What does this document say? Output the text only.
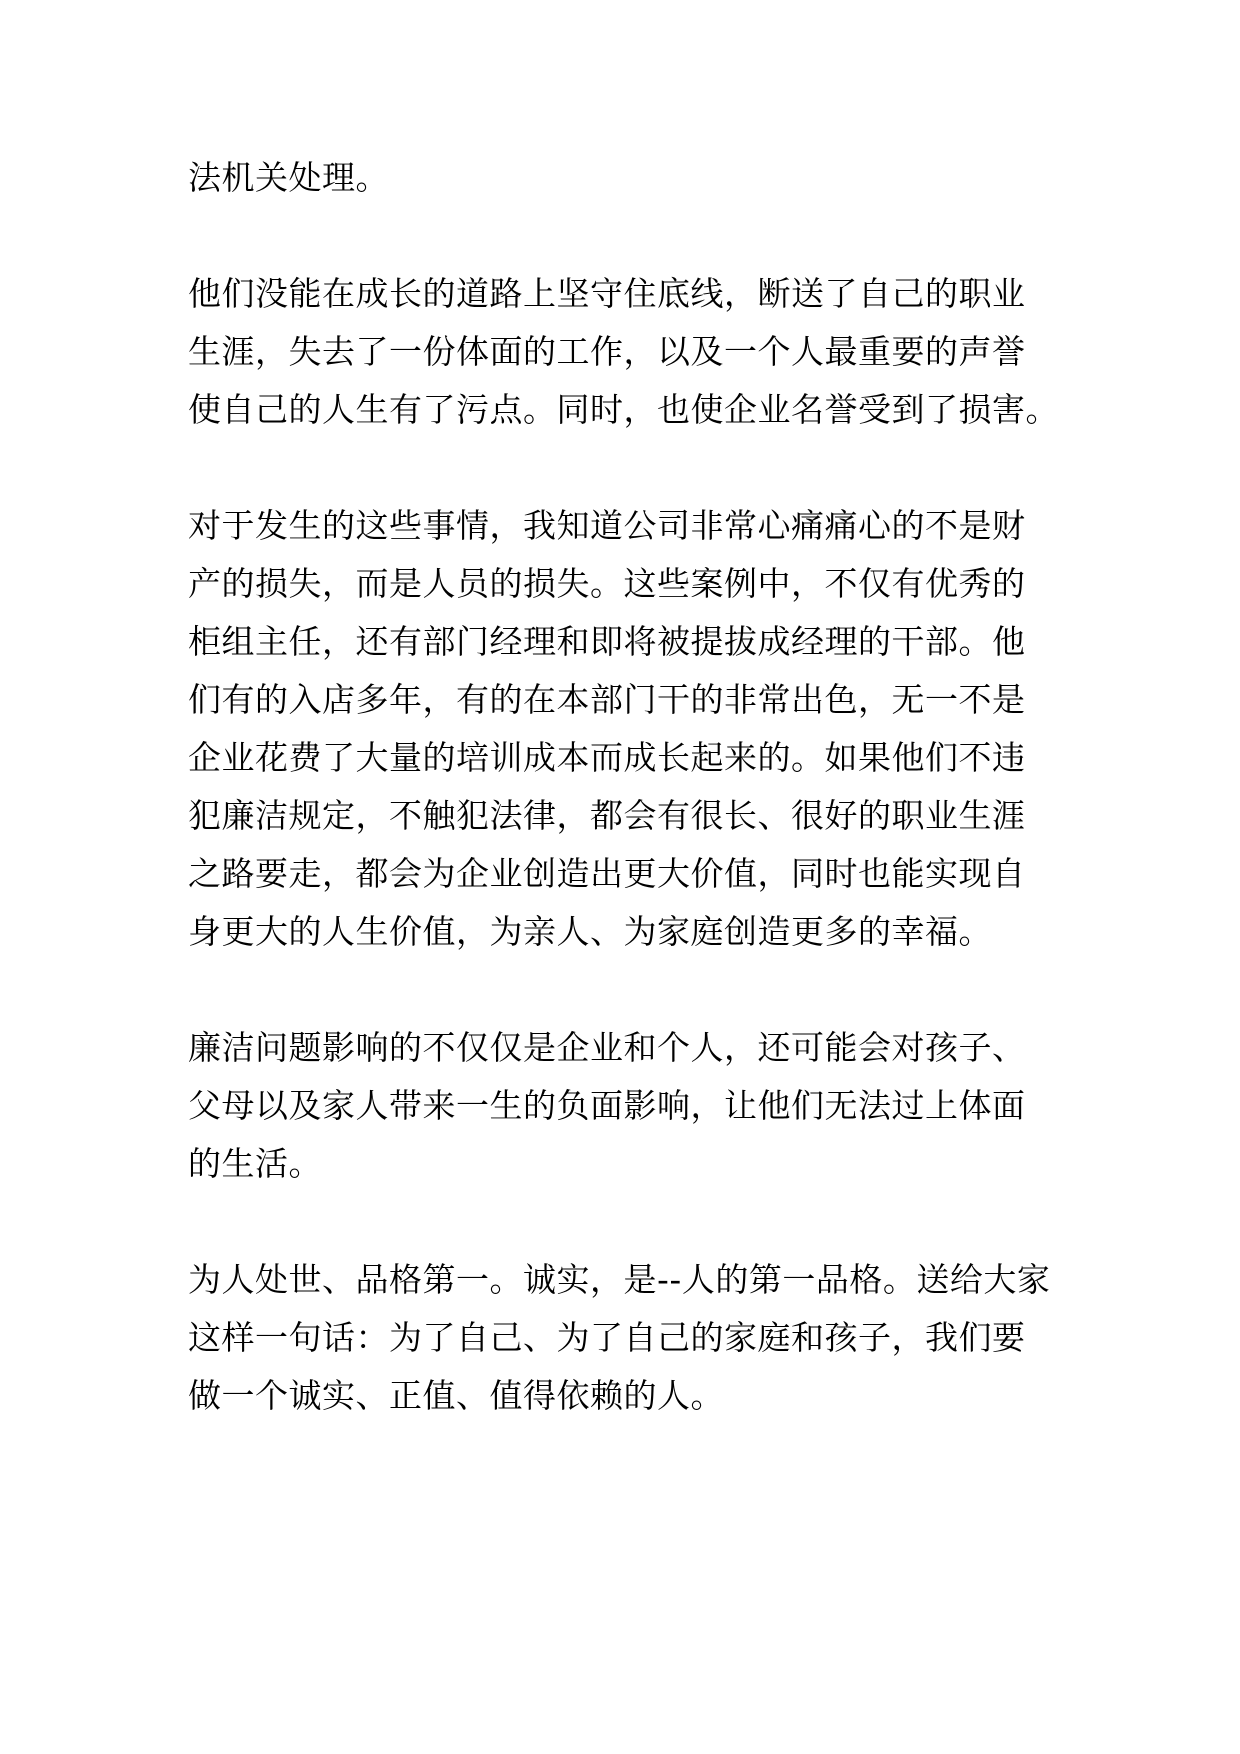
法机关处理。
他们没能在成长的道路上坚守住底线，断送了自己的职业
生涯，失去了一份体面的工作，以及一个人最重要的声誉
使自己的人生有了污点。同时，也使企业名誉受到了损害。
对于发生的这些事情，我知道公司非常心痛痛心的不是财
产的损失，而是人员的损失。这些案例中，不仅有优秀的
柜组主任，还有部门经理和即将被提拔成经理的干部。他
们有的入店多年，有的在本部门干的非常出色，无一不是
企业花费了大量的培训成本而成长起来的。如果他们不违
犯廉洁规定，不触犯法律，都会有很长、很好的职业生涯
之路要走，都会为企业创造出更大价值，同时也能实现自
身更大的人生价值，为亲人、为家庭创造更多的幸福。
廉洁问题影响的不仅仅是企业和个人，还可能会对孩子、
父母以及家人带来一生的负面影响，让他们无法过上体面
的生活。
为人处世、品格第一。诚实，是--人的第一品格。送给大家
这样一句话：为了自己、为了自己的家庭和孩子，我们要
做一个诚实、正值、值得依赖的人。
